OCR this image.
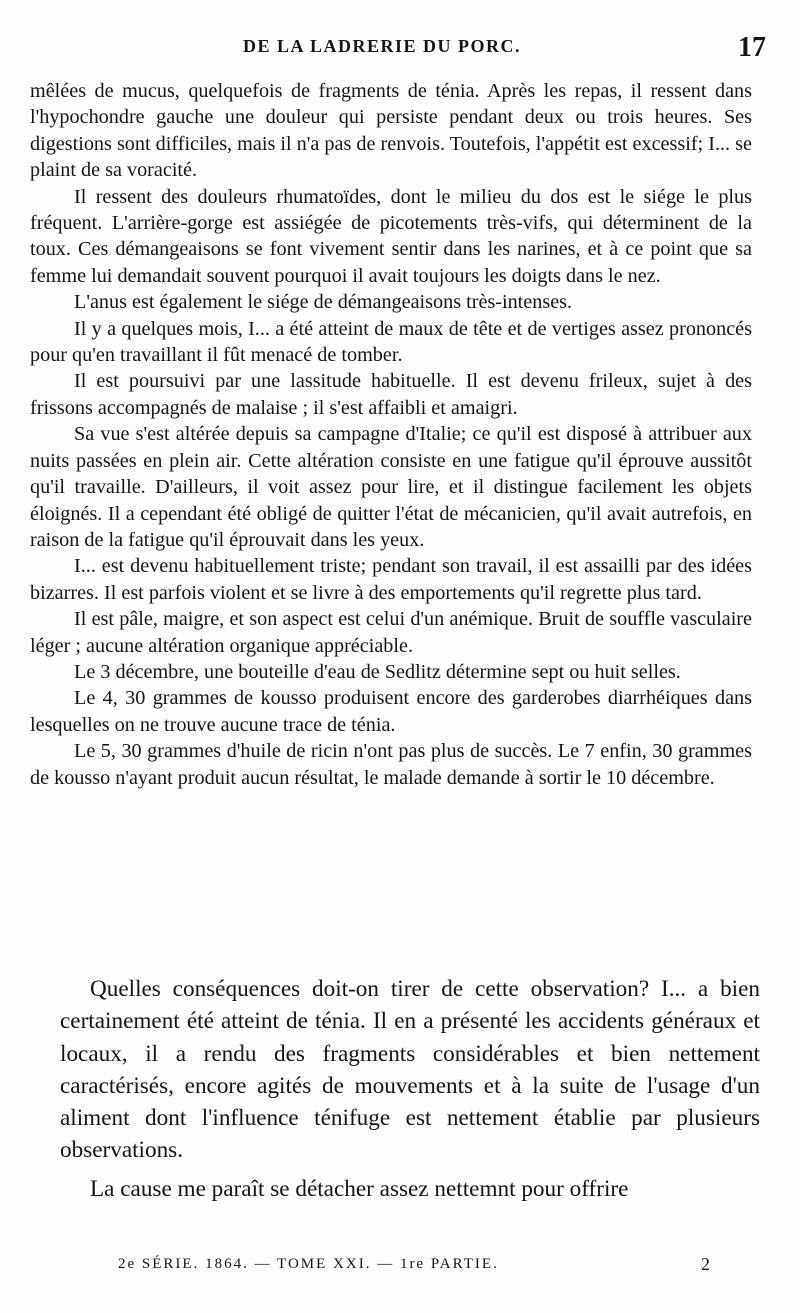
DE LA LADRERIE DU PORC.	17

mêlées de mucus, quelquefois de fragments de ténia. Après les repas, il ressent dans l'hypochondre gauche une douleur qui persiste pendant deux ou trois heures. Ses digestions sont difficiles, mais il n'a pas de renvois. Toutefois, l'appétit est excessif; I... se plaint de sa voracité.

Il ressent des douleurs rhumatoïdes, dont le milieu du dos est le siége le plus fréquent. L'arrière-gorge est assiégée de picotements très-vifs, qui déterminent de la toux. Ces démangeaisons se font vivement sentir dans les narines, et à ce point que sa femme lui demandait souvent pourquoi il avait toujours les doigts dans le nez.

L'anus est également le siége de démangeaisons très-intenses.

Il y a quelques mois, I... a été atteint de maux de tête et de vertiges assez prononcés pour qu'en travaillant il fût menacé de tomber.

Il est poursuivi par une lassitude habituelle. Il est devenu frileux, sujet à des frissons accompagnés de malaise ; il s'est affaibli et amaigri.

Sa vue s'est altérée depuis sa campagne d'Italie; ce qu'il est disposé à attribuer aux nuits passées en plein air. Cette altération consiste en une fatigue qu'il éprouve aussitôt qu'il travaille. D'ailleurs, il voit assez pour lire, et il distingue facilement les objets éloignés. Il a cependant été obligé de quitter l'état de mécanicien, qu'il avait autrefois, en raison de la fatigue qu'il éprouvait dans les yeux.

I... est devenu habituellement triste; pendant son travail, il est assailli par des idées bizarres. Il est parfois violent et se livre à des emportements qu'il regrette plus tard.

Il est pâle, maigre, et son aspect est celui d'un anémique. Bruit de souffle vasculaire léger ; aucune altération organique appréciable.

Le 3 décembre, une bouteille d'eau de Sedlitz détermine sept ou huit selles.

Le 4, 30 grammes de kousso produisent encore des garderobes diarrhéiques dans lesquelles on ne trouve aucune trace de ténia.

Le 5, 30 grammes d'huile de ricin n'ont pas plus de succès. Le 7 enfin, 30 grammes de kousso n'ayant produit aucun résultat, le malade demande à sortir le 10 décembre.

Quelles conséquences doit-on tirer de cette observation? I... a bien certainement été atteint de ténia. Il en a présenté les accidents généraux et locaux, il a rendu des fragments considérables et bien nettement caractérisés, encore agités de mouvements et à la suite de l'usage d'un aliment dont l'influence ténifuge est nettement établie par plusieurs observations.

La cause me paraît se détacher assez nettemnt pour offrire

2e SÉRIE. 1864. — TOME XXI. — 1re PARTIE.	2
